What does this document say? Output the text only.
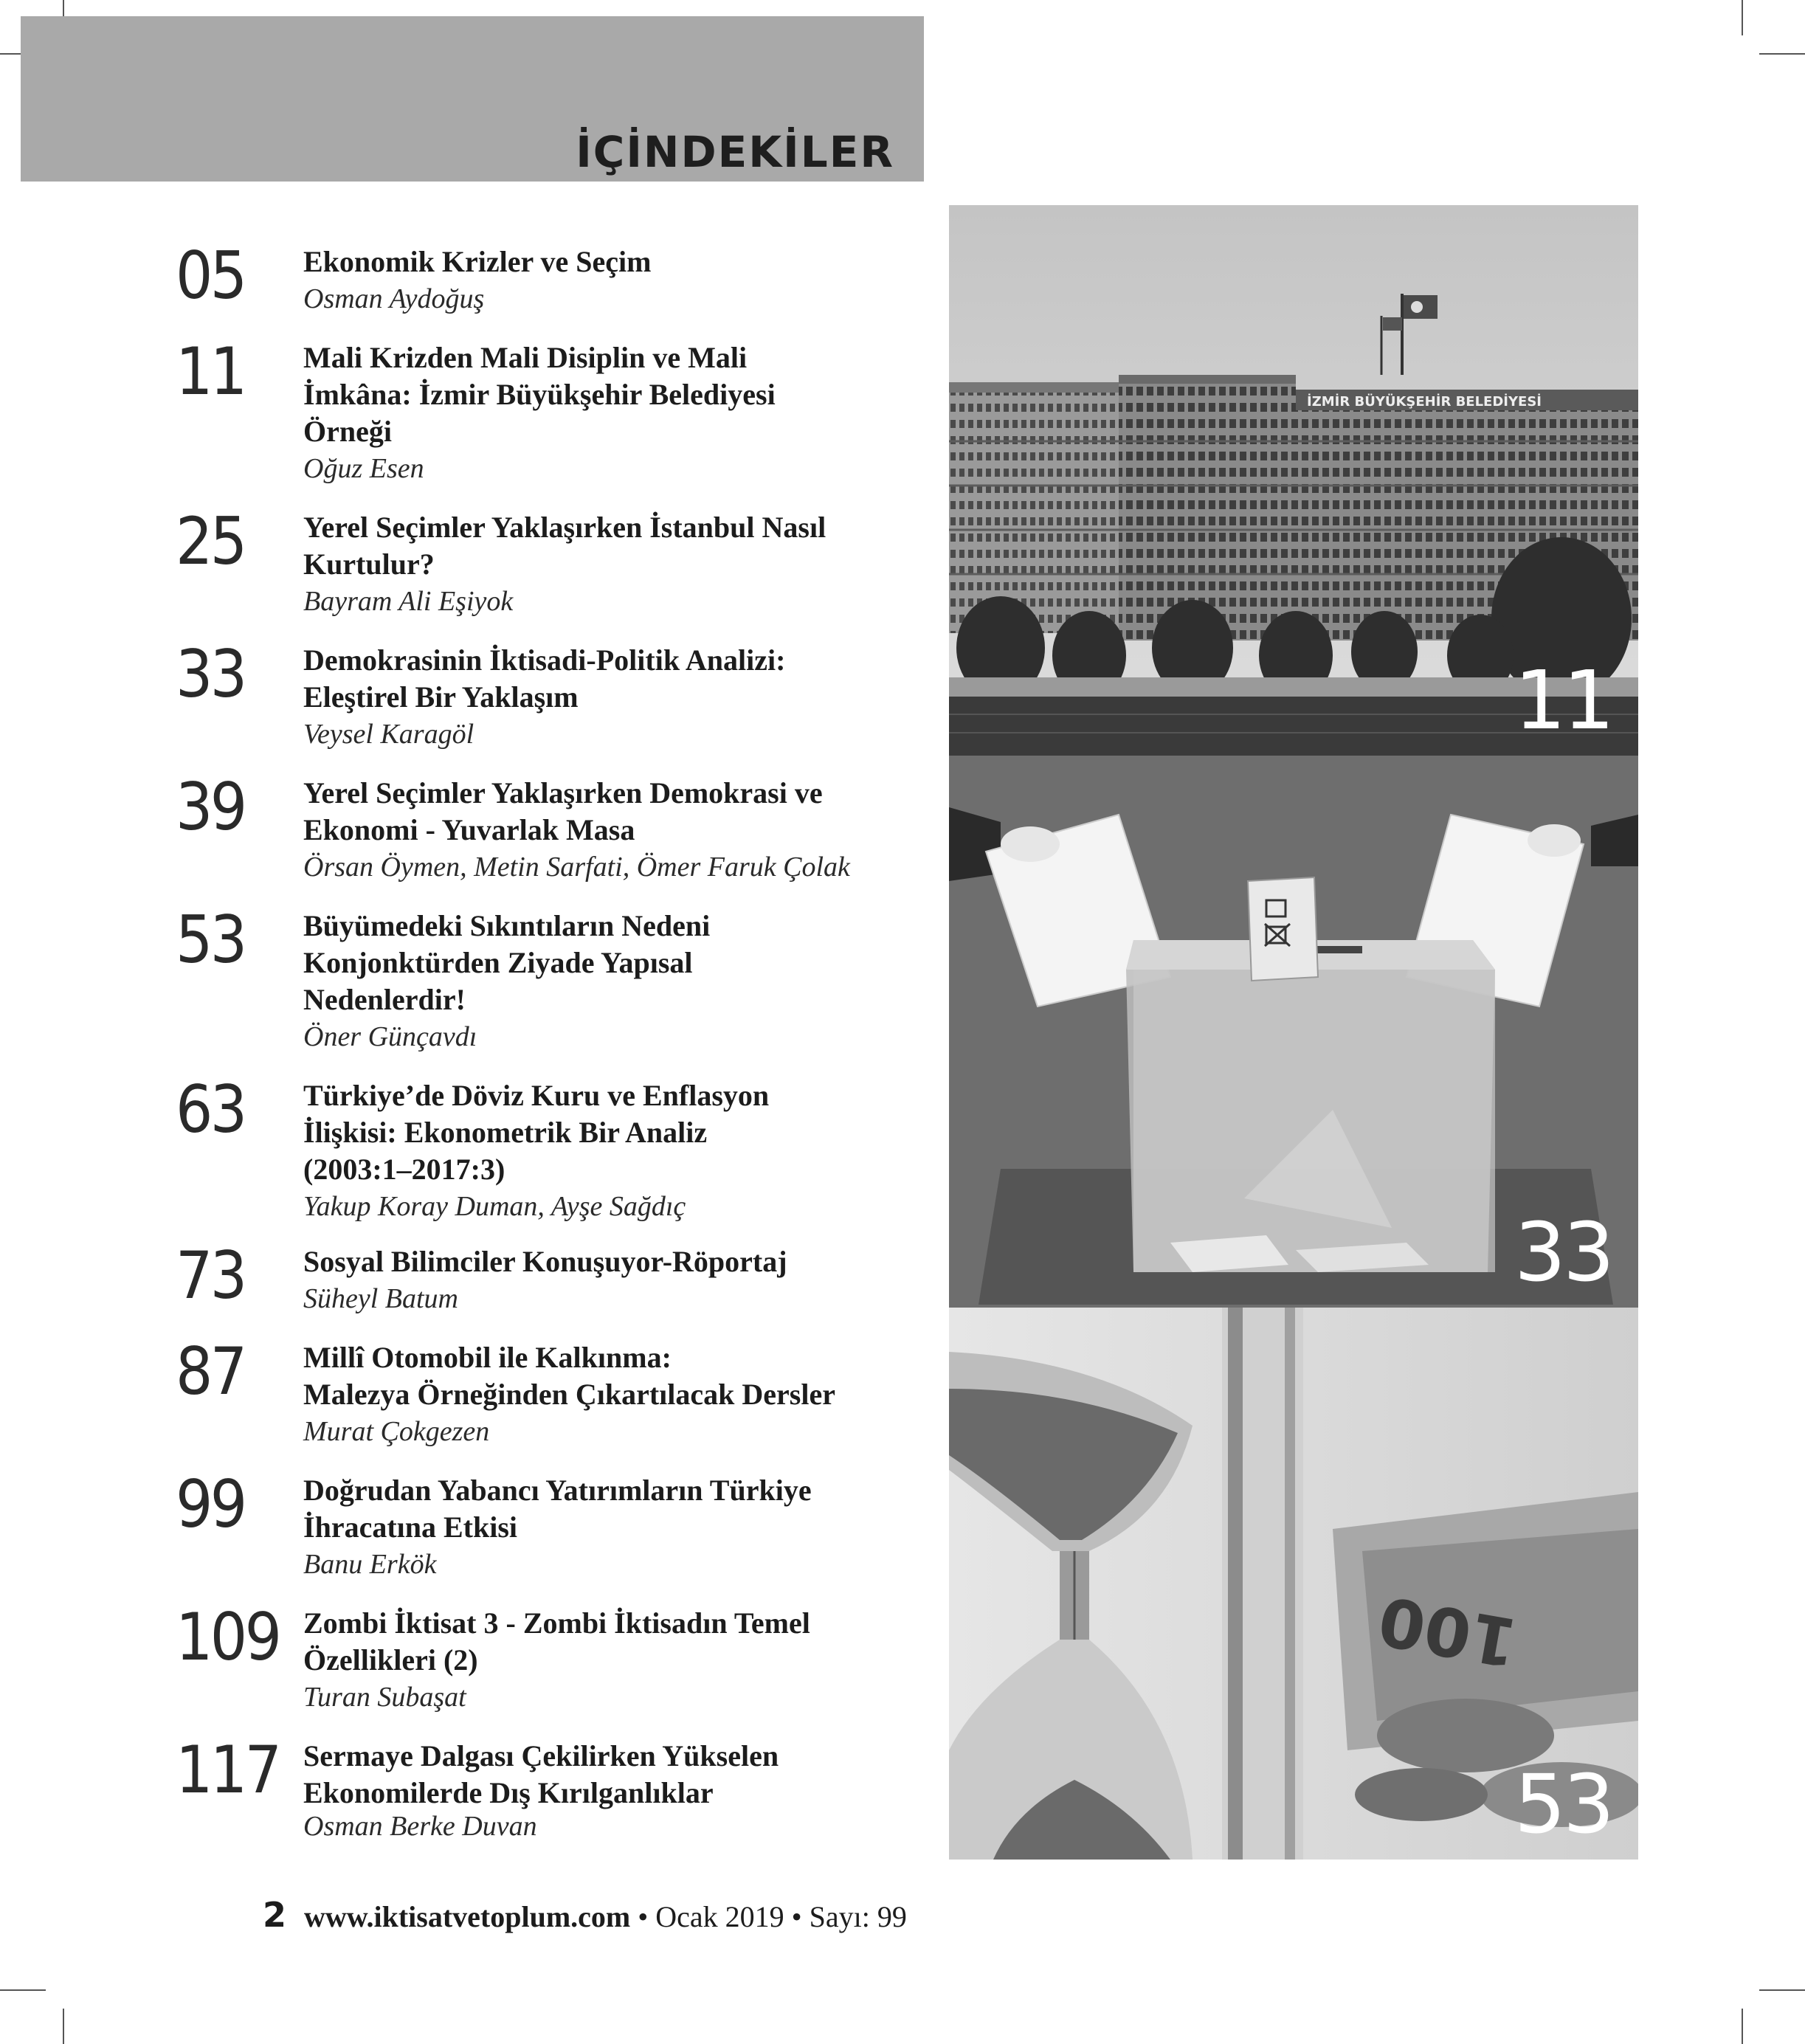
İÇİNDEKİLER
05 Ekonomik Krizler ve Seçim
Osman Aydoğuş
11 Mali Krizden Mali Disiplin ve Mali
İmkâna: İzmir Büyükşehir Belediyesi
Örneği
Oğuz Esen
25 Yerel Seçimler Yaklaşırken İstanbul Nasıl
Kurtulur?
Bayram Ali Eşiyok
33 Demokrasinin İktisadi-Politik Analizi:
Eleştirel Bir Yaklaşım
Veysel Karagöl
39 Yerel Seçimler Yaklaşırken Demokrasi ve
Ekonomi - Yuvarlak Masa
Örsan Öymen, Metin Sarfati, Ömer Faruk Çolak
53 Büyümedeki Sıkıntıların Nedeni
Konjonktürden Ziyade Yapısal
Nedenlerdir!
Öner Günçavdı
63 Türkiye’de Döviz Kuru ve Enflasyon
İlişkisi: Ekonometrik Bir Analiz
(2003:1–2017:3)
Yakup Koray Duman, Ayşe Sağdıç
73 Sosyal Bilimciler Konuşuyor-Röportaj
Süheyl Batum
87 Millî Otomobil ile Kalkınma:
Malezya Örneğinden Çıkartılacak Dersler
Murat Çokgezen
99 Doğrudan Yabancı Yatırımların Türkiye
İhracatına Etkisi
Banu Erkök
109 Zombi İktisat 3 - Zombi İktisadın Temel
Özellikleri (2)
Turan Subaşat
117 Sermaye Dalgası Çekilirken Yükselen
Ekonomilerde Dış Kırılganlıklar
Osman Berke Duvan
İZMİR BÜYÜKŞEHİR BELEDİYESİ
11
33
100
53
2 www.iktisatvetoplum.com • Ocak 2019 • Sayı: 99
